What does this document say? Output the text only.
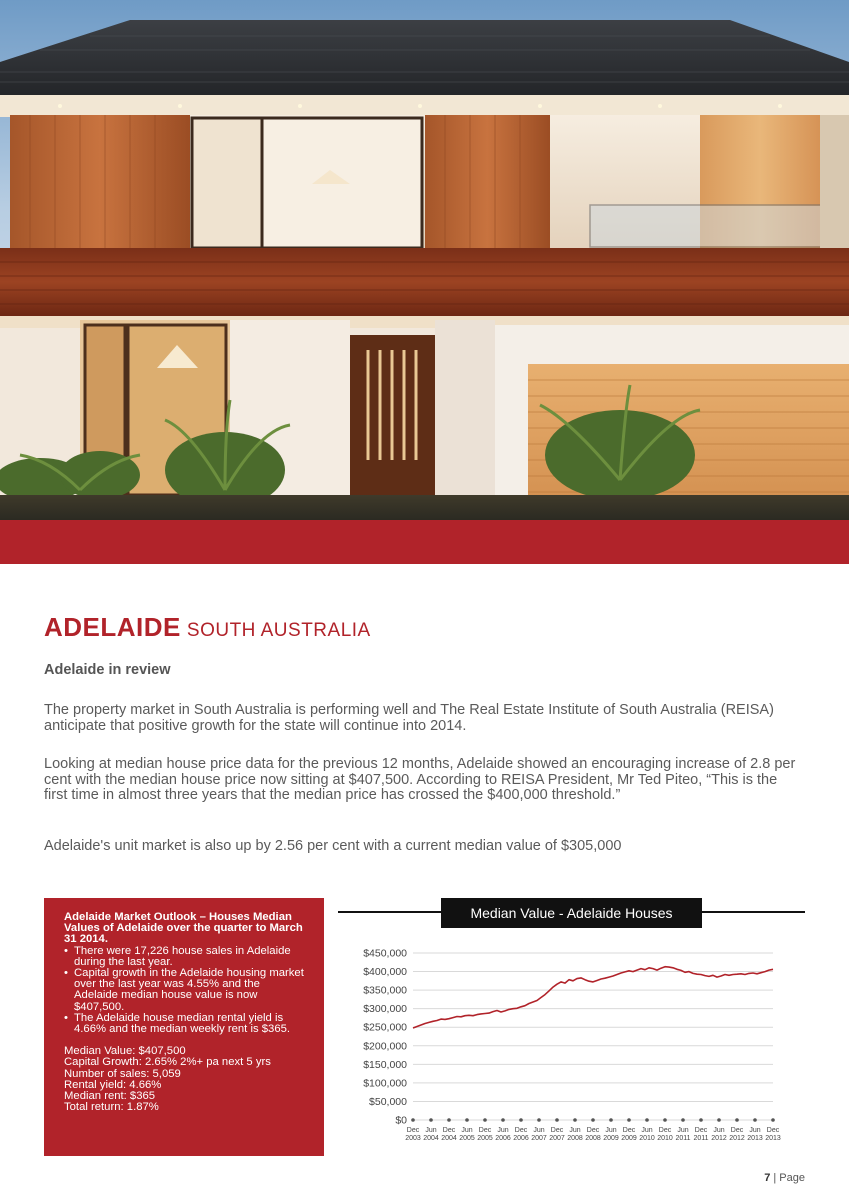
ADELAIDE SOUTH AUSTRALIA
Adelaide in review

The property market in South Australia is performing well and The Real Estate Institute of South Australia (REISA) anticipate that positive growth for the state will continue into 2014.

Looking at median house price data for the previous 12 months, Adelaide showed an encouraging increase of 2.8 per cent with the median house price now sitting at $407,500. According to REISA President, Mr Ted Piteo, “This is the first time in almost three years that the median price has crossed the $400,000 threshold.”

Adelaide's unit market is also up by 2.56 per cent with a current median value of $305,000

Adelaide Market Outlook – Houses Median Values of Adelaide over the quarter to March 31 2014.
• There were 17,226 house sales in Adelaide during the last year.
• Capital growth in the Adelaide housing market over the last year was 4.55% and the Adelaide median house value is now $407,500.
• The Adelaide house median rental yield is 4.66% and the median weekly rent is $365.
Median Value: $407,500
Capital Growth: 2.65% 2%+ pa next 5 yrs
Number of sales: 5,059
Rental yield: 4.66%
Median rent: $365
Total return: 1.87%
Median Value - Adelaide Houses
$0
$50,000
$100,000
$150,000
$200,000
$250,000
$300,000
$350,000
$400,000
$450,000
Dec
2003
Jun
2004
Dec
2004
Jun
2005
Dec
2005
Jun
2006
Dec
2006
Jun
2007
Dec
2007
Jun
2008
Dec
2008
Jun
2009
Dec
2009
Jun
2010
Dec
2010
Jun
2011
Dec
2011
Jun
2012
Dec
2012
Jun
2013
Dec
2013
7 | Page
